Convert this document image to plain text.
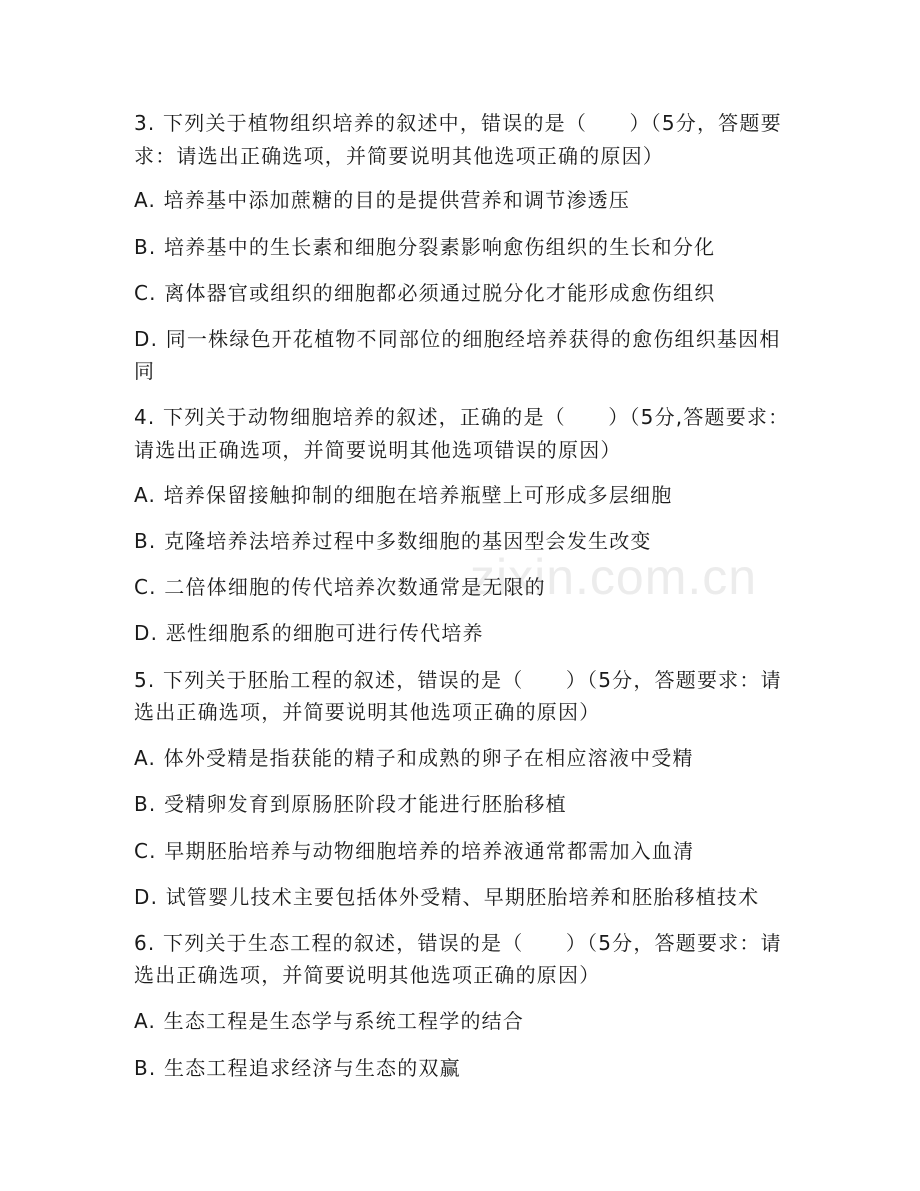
zixin.com.cn
3. 下列关于植物组织培养的叙述中，错误的是（　　）（5分，答题要
求：请选出正确选项，并简要说明其他选项正确的原因）
A. 培养基中添加蔗糖的目的是提供营养和调节渗透压
B. 培养基中的生长素和细胞分裂素影响愈伤组织的生长和分化
C. 离体器官或组织的细胞都必须通过脱分化才能形成愈伤组织
D. 同一株绿色开花植物不同部位的细胞经培养获得的愈伤组织基因相
同
4. 下列关于动物细胞培养的叙述，正确的是（　　）（5分,答题要求：
请选出正确选项，并简要说明其他选项错误的原因）
A. 培养保留接触抑制的细胞在培养瓶壁上可形成多层细胞
B. 克隆培养法培养过程中多数细胞的基因型会发生改变
C. 二倍体细胞的传代培养次数通常是无限的
D. 恶性细胞系的细胞可进行传代培养
5. 下列关于胚胎工程的叙述，错误的是（　　）（5分，答题要求：请
选出正确选项，并简要说明其他选项正确的原因）
A. 体外受精是指获能的精子和成熟的卵子在相应溶液中受精
B. 受精卵发育到原肠胚阶段才能进行胚胎移植
C. 早期胚胎培养与动物细胞培养的培养液通常都需加入血清
D. 试管婴儿技术主要包括体外受精、早期胚胎培养和胚胎移植技术
6. 下列关于生态工程的叙述，错误的是（　　）（5分，答题要求：请
选出正确选项，并简要说明其他选项正确的原因）
A. 生态工程是生态学与系统工程学的结合
B. 生态工程追求经济与生态的双赢
